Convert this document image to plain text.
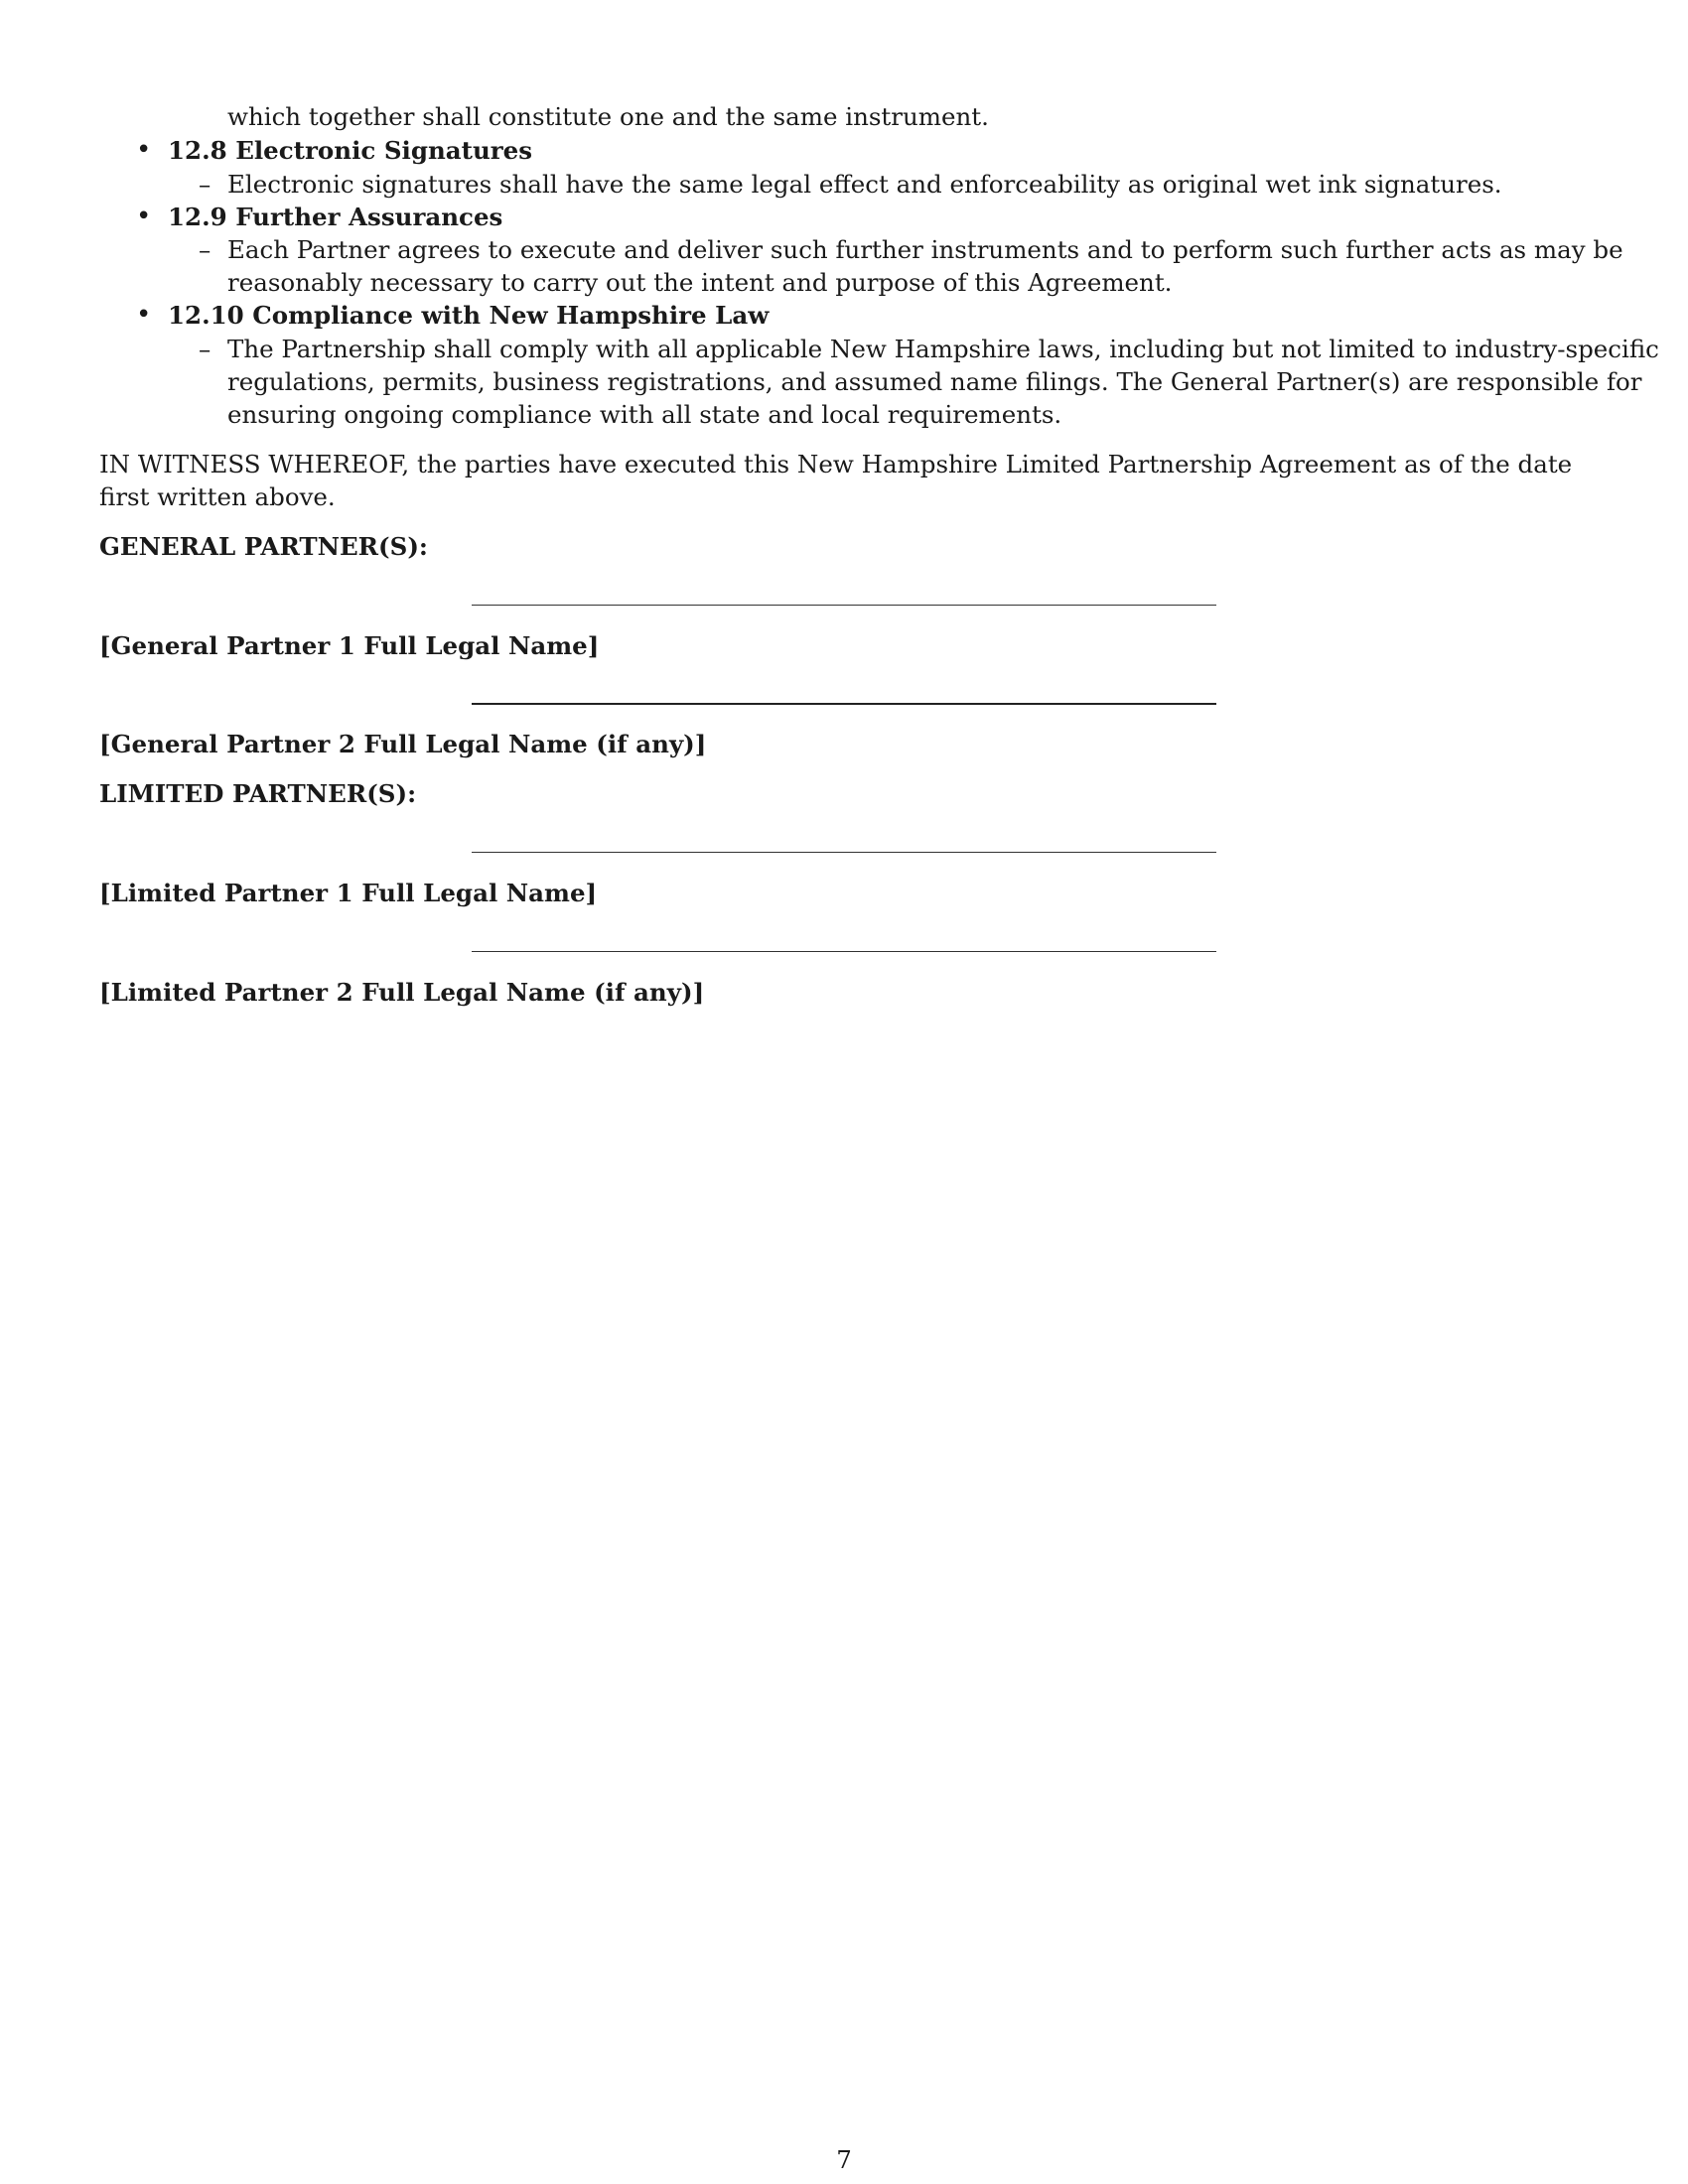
which together shall constitute one and the same instrument.
• 12.8 Electronic Signatures
– Electronic signatures shall have the same legal effect and enforceability as original wet ink signatures.
• 12.9 Further Assurances
– Each Partner agrees to execute and deliver such further instruments and to perform such further acts as may be
reasonably necessary to carry out the intent and purpose of this Agreement.
• 12.10 Compliance with New Hampshire Law
– The Partnership shall comply with all applicable New Hampshire laws, including but not limited to industry-specific
regulations, permits, business registrations, and assumed name filings. The General Partner(s) are responsible for
ensuring ongoing compliance with all state and local requirements.
IN WITNESS WHEREOF, the parties have executed this New Hampshire Limited Partnership Agreement as of the date
first written above.
GENERAL PARTNER(S):
[General Partner 1 Full Legal Name]
[General Partner 2 Full Legal Name (if any)]
LIMITED PARTNER(S):
[Limited Partner 1 Full Legal Name]
[Limited Partner 2 Full Legal Name (if any)]
7
